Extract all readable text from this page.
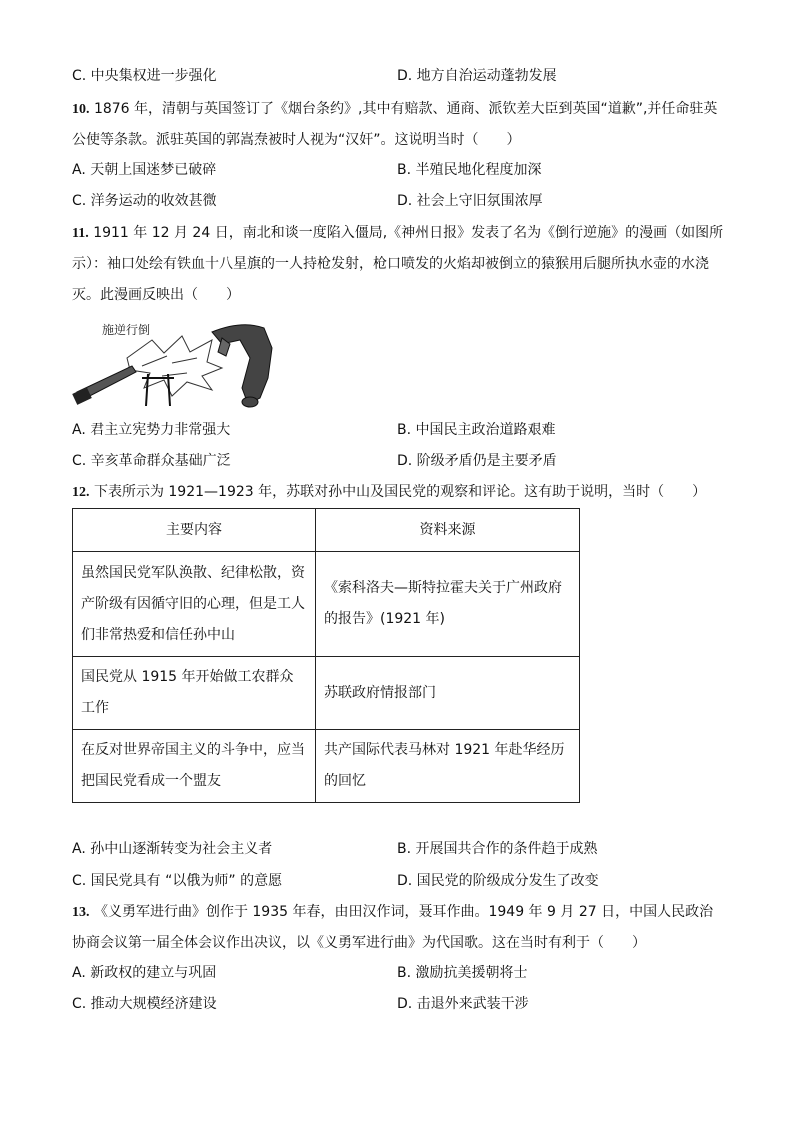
C. 中央集权进一步强化	D. 地方自治运动蓬勃发展
10. 1876 年，清朝与英国签订了《烟台条约》,其中有赔款、通商、派钦差大臣到英国“道歉”,并任命驻英公使等条款。派驻英国的郭嵩焘被时人视为“汉奸”。这说明当时（　　）
A. 天朝上国迷梦已破碎	B. 半殖民地化程度加深
C. 洋务运动的收效甚微	D. 社会上守旧氛围浓厚
11. 1911 年 12 月 24 日，南北和谈一度陷入僵局,《神州日报》发表了名为《倒行逆施》的漫画（如图所示）：袖口处绘有铁血十八星旗的一人持枪发射，枪口喷发的火焰却被倒立的猿猴用后腿所执水壶的水浇灭。此漫画反映出（　　）
施逆行倒
A. 君主立宪势力非常强大	B. 中国民主政治道路艰难
C. 辛亥革命群众基础广泛	D. 阶级矛盾仍是主要矛盾
12. 下表所示为 1921—1923 年，苏联对孙中山及国民党的观察和评论。这有助于说明，当时（　　）
主要内容	资料来源
虽然国民党军队涣散、纪律松散，资产阶级有因循守旧的心理，但是工人们非常热爱和信任孙中山	《索科洛夫—斯特拉霍夫关于广州政府的报告》(1921 年)
国民党从 1915 年开始做工农群众工作	苏联政府情报部门
在反对世界帝国主义的斗争中，应当把国民党看成一个盟友	共产国际代表马林对 1921 年赴华经历的回忆
A. 孙中山逐渐转变为社会主义者	B. 开展国共合作的条件趋于成熟
C. 国民党具有 “以俄为师” 的意愿	D. 国民党的阶级成分发生了改变
13. 《义勇军进行曲》创作于 1935 年春，由田汉作词，聂耳作曲。1949 年 9 月 27 日，中国人民政治协商会议第一届全体会议作出决议，以《义勇军进行曲》为代国歌。这在当时有利于（　　）
A. 新政权的建立与巩固	B. 激励抗美援朝将士
C. 推动大规模经济建设	D. 击退外来武装干涉
